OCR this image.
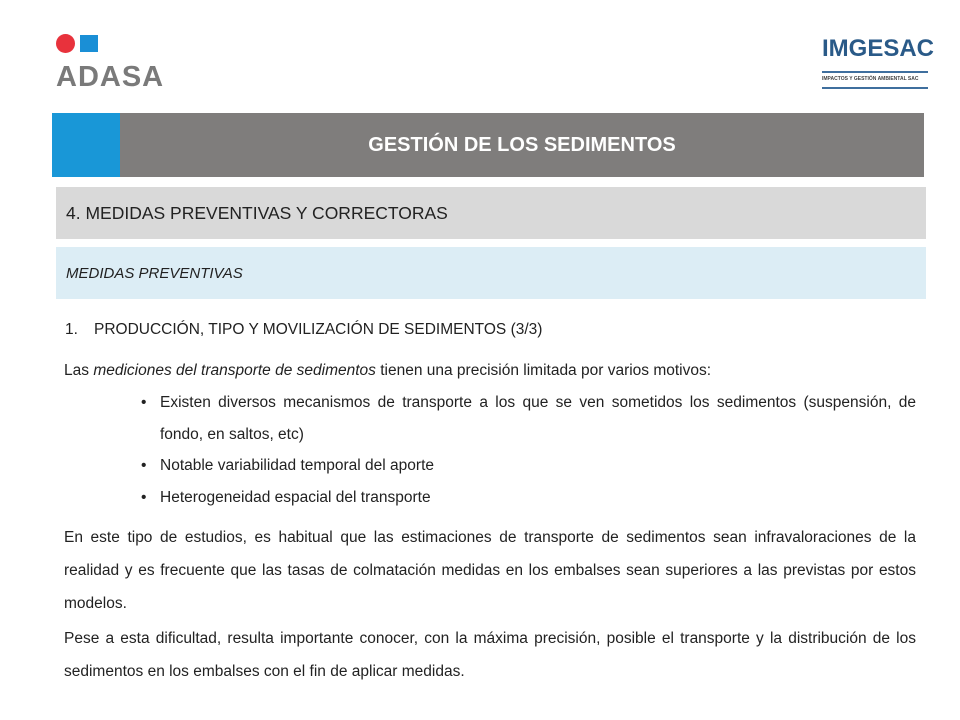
ADASA
IMGESAC
IMPACTOS Y GESTIÓN AMBIENTAL SAC
GESTIÓN DE LOS SEDIMENTOS
4. MEDIDAS PREVENTIVAS Y CORRECTORAS
MEDIDAS PREVENTIVAS
1. PRODUCCIÓN, TIPO Y MOVILIZACIÓN DE SEDIMENTOS (3/3)
Las mediciones del transporte de sedimentos tienen una precisión limitada por varios motivos:
• Existen diversos mecanismos de transporte a los que se ven sometidos los sedimentos (suspensión, de fondo, en saltos, etc)
• Notable variabilidad temporal del aporte
• Heterogeneidad espacial del transporte
En este tipo de estudios, es habitual que las estimaciones de transporte de sedimentos sean infravaloraciones de la realidad y es frecuente que las tasas de colmatación medidas en los embalses sean superiores a las previstas por estos modelos.
Pese a esta dificultad, resulta importante conocer, con la máxima precisión, posible el transporte y la distribución de los sedimentos en los embalses con el fin de aplicar medidas.
